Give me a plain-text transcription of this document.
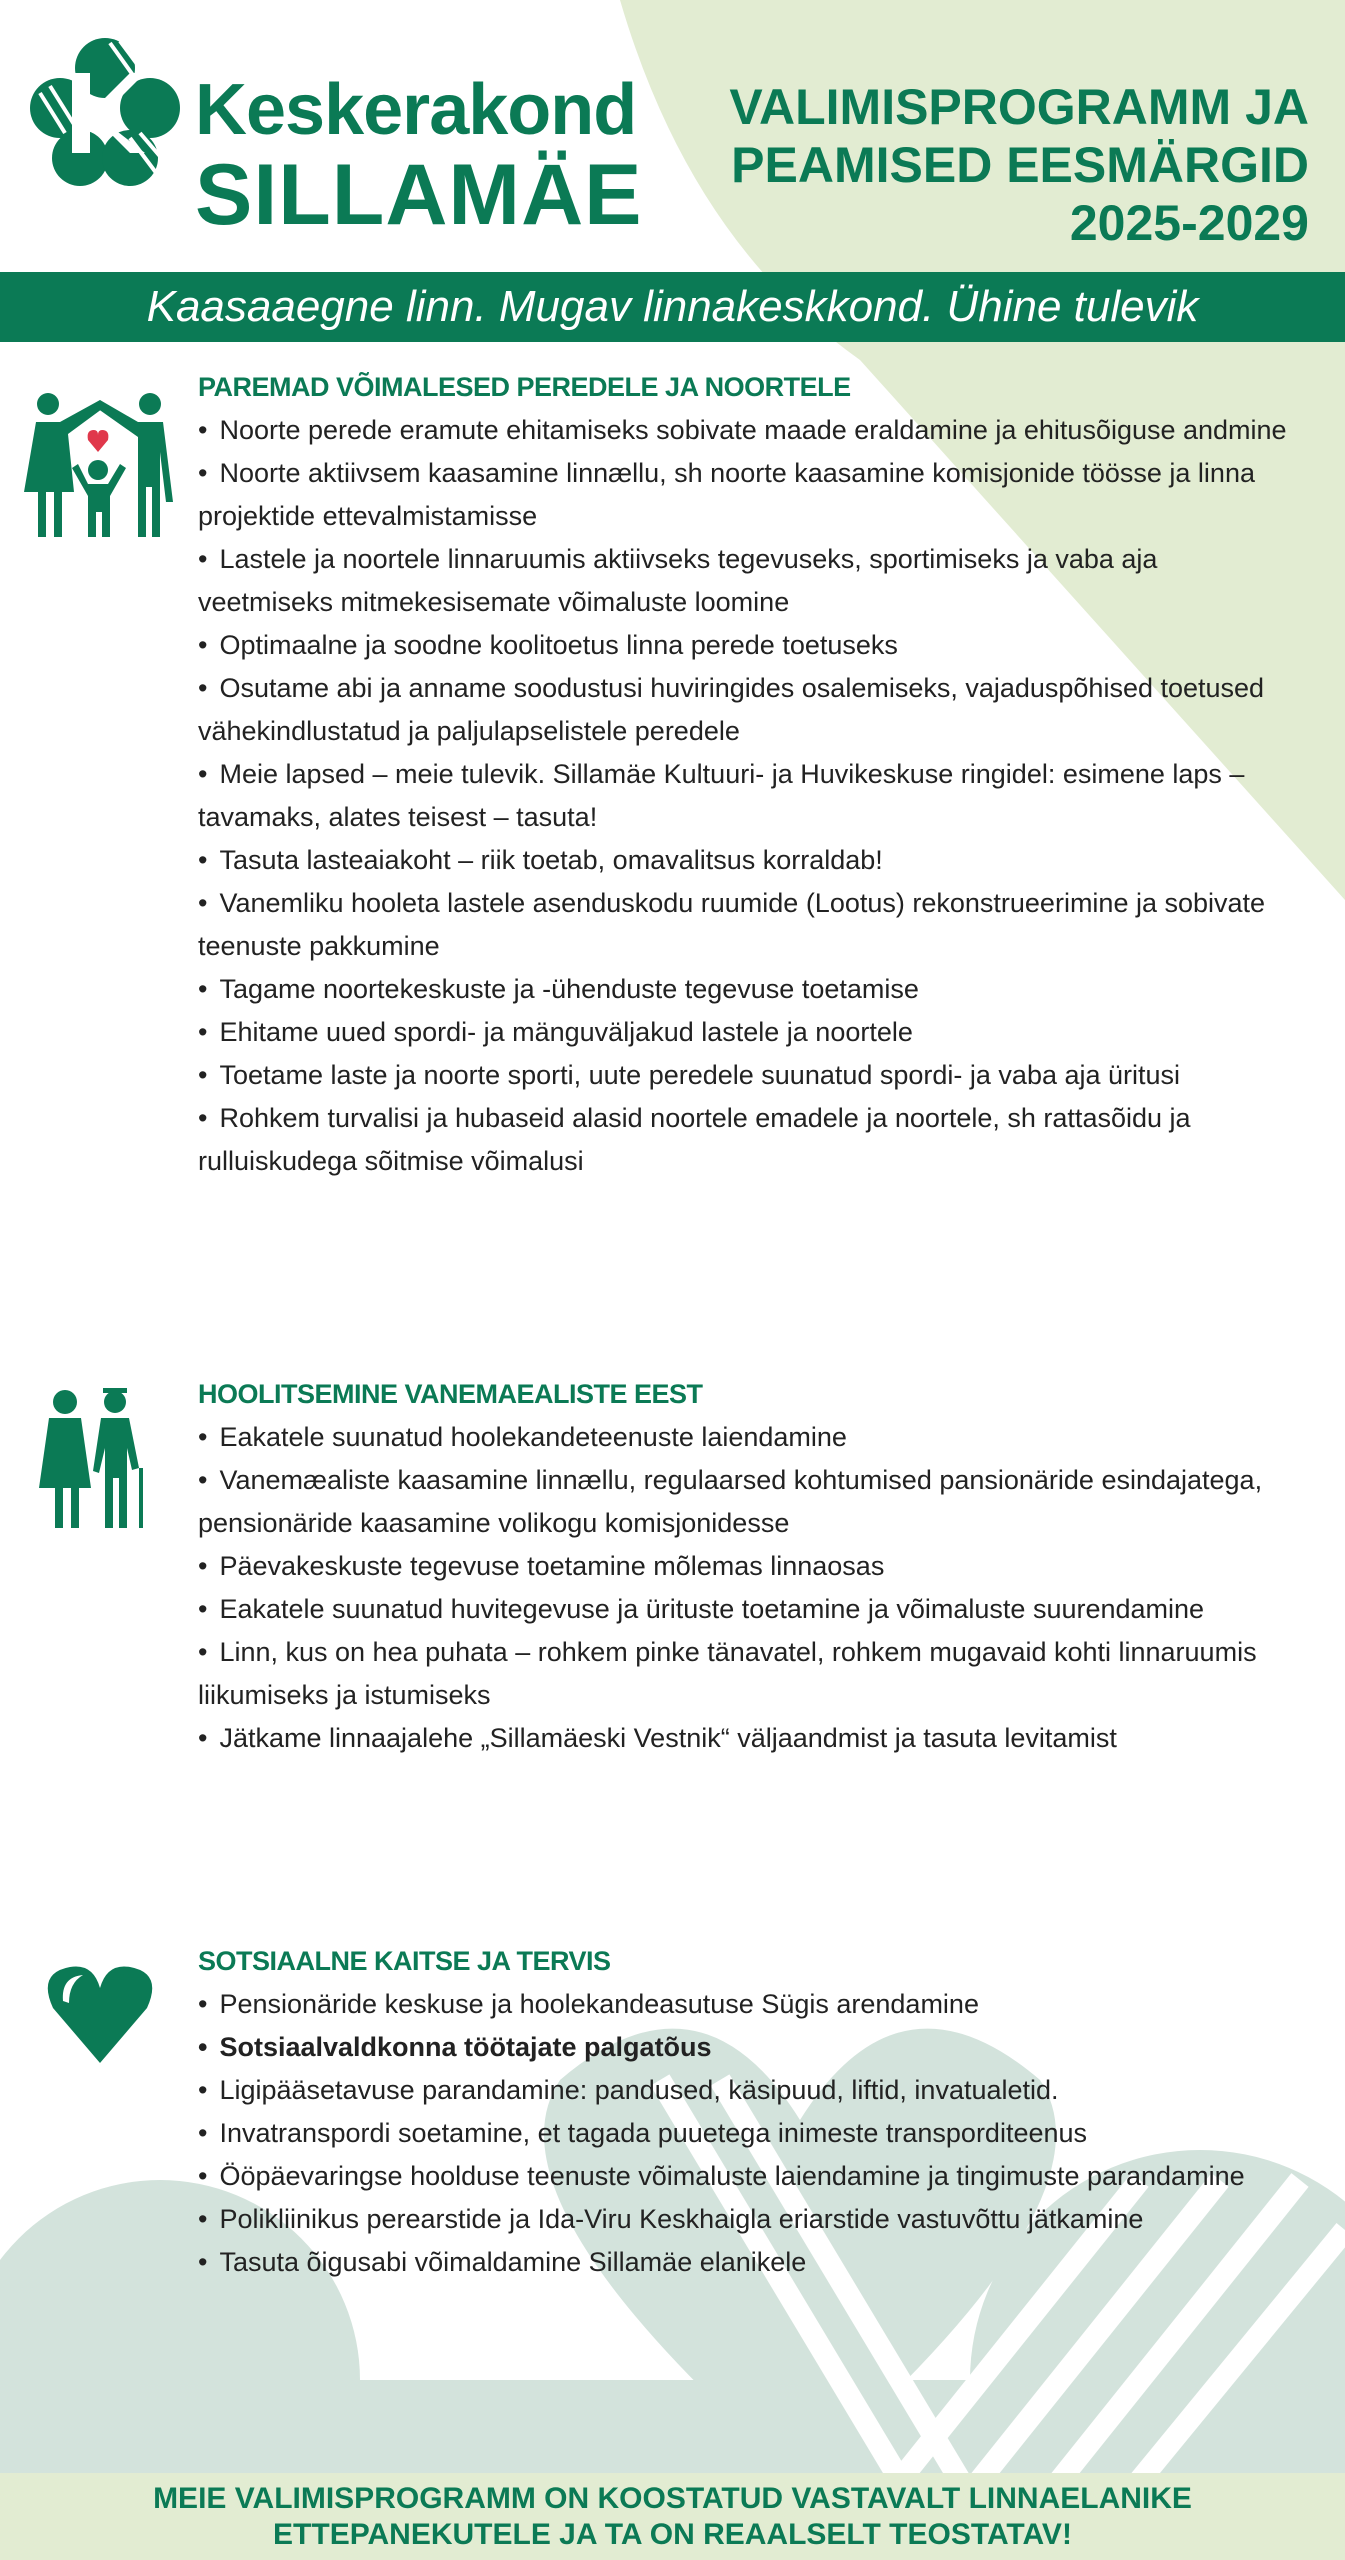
Keskerakond
SILLAMÄE
VALIMISPROGRAMM JA
PEAMISED EESMÄRGID
2025-2029
Kaasaaegne linn. Mugav linnakeskkond. Ühine tulevik
PAREMAD VÕIMALESED PEREDELE JA NOORTELE
• Noorte perede eramute ehitamiseks sobivate maade eraldamine ja ehitusõiguse andmine
• Noorte aktiivsem kaasamine linnællu, sh noorte kaasamine komisjonide töösse ja linna projektide ettevalmistamisse
• Lastele ja noortele linnaruumis aktiivseks tegevuseks, sportimiseks ja vaba aja veetmiseks mitmekesisemate võimaluste loomine
• Optimaalne ja soodne koolitoetus linna perede toetuseks
• Osutame abi ja anname soodustusi huviringides osalemiseks, vajaduspõhised toetused vähekindlustatud ja paljulapselistele peredele
• Meie lapsed – meie tulevik. Sillamäe Kultuuri- ja Huvikeskuse ringidel: esimene laps – tavamaks, alates teisest – tasuta!
• Tasuta lasteaiakoht – riik toetab, omavalitsus korraldab!
• Vanemliku hooleta lastele asenduskodu ruumide (Lootus) rekonstrueerimine ja sobivate teenuste pakkumine
• Tagame noortekeskuste ja -ühenduste tegevuse toetamise
• Ehitame uued spordi- ja mänguväljakud lastele ja noortele
• Toetame laste ja noorte sporti, uute peredele suunatud spordi- ja vaba aja üritusi
• Rohkem turvalisi ja hubaseid alasid noortele emadele ja noortele, sh rattasõidu ja rulluiskudega sõitmise võimalusi
HOOLITSEMINE VANEMAEALISTE EEST
• Eakatele suunatud hoolekandeteenuste laiendamine
• Vanemæaliste kaasamine linnællu, regulaarsed kohtumised pansionäride esindajatega, pensionäride kaasamine volikogu komisjonidesse
• Päevakeskuste tegevuse toetamine mõlemas linnaosas
• Eakatele suunatud huvitegevuse ja ürituste toetamine ja võimaluste suurendamine
• Linn, kus on hea puhata – rohkem pinke tänavatel, rohkem mugavaid kohti linnaruumis liikumiseks ja istumiseks
• Jätkame linnaajalehe „Sillamäeski Vestnik“ väljaandmist ja tasuta levitamist
SOTSIAALNE KAITSE JA TERVIS
• Pensionäride keskuse ja hoolekandeasutuse Sügis arendamine
• Sotsiaalvaldkonna töötajate palgatõus
• Ligipääsetavuse parandamine: pandused, käsipuud, liftid, invatualetid.
• Invatranspordi soetamine, et tagada puuetega inimeste transporditeenus
• Ööpäevaringse hoolduse teenuste võimaluste laiendamine ja tingimuste parandamine
• Polikliinikus perearstide ja Ida-Viru Keskhaigla eriarstide vastuvõttu jätkamine
• Tasuta õigusabi võimaldamine Sillamäe elanikele
MEIE VALIMISPROGRAMM ON KOOSTATUD VASTAVALT LINNAELANIKE
ETTEPANEKUTELE JA TA ON REAALSELT TEOSTATAV!
